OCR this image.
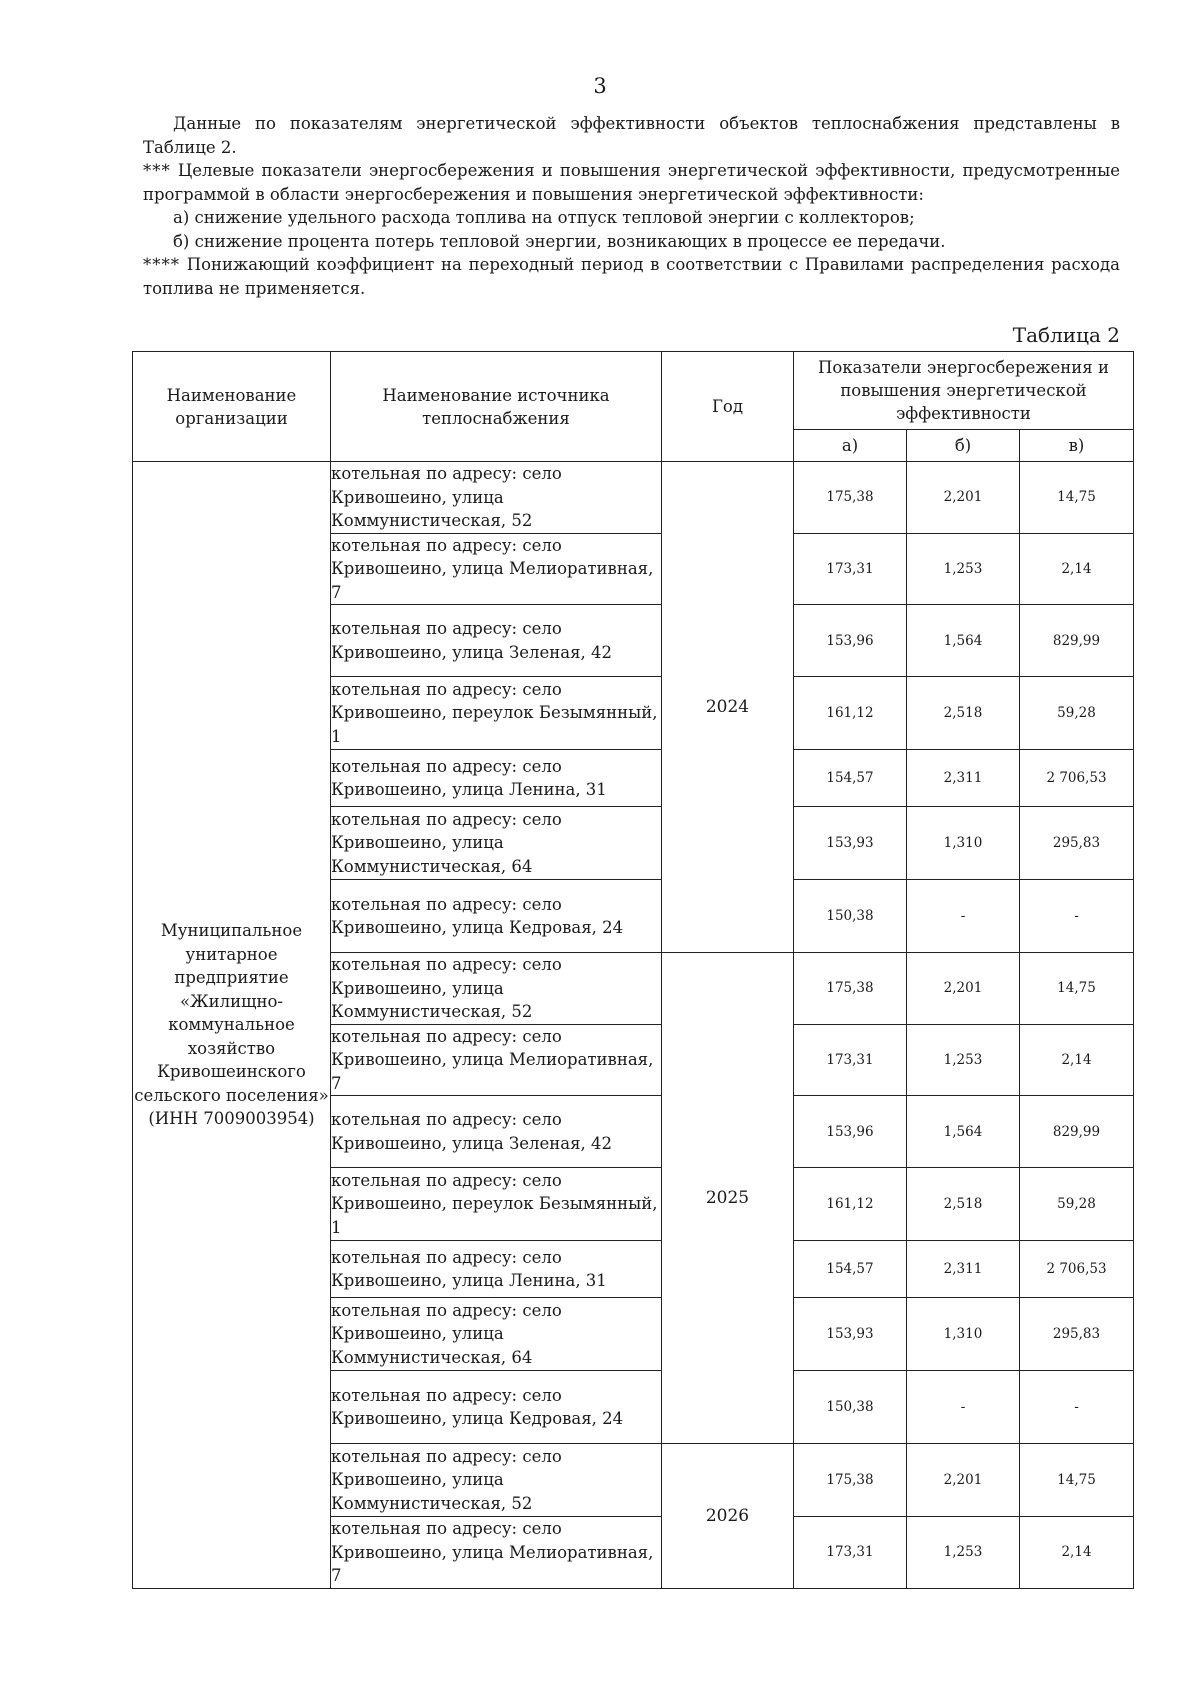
3

Данные по показателям энергетической эффективности объектов теплоснабжения представлены в Таблице 2.

*** Целевые показатели энергосбережения и повышения энергетической эффективности, предусмотренные программой в области энергосбережения и повышения энергетической эффективности:

а) снижение удельного расхода топлива на отпуск тепловой энергии с коллекторов;

б) снижение процента потерь тепловой энергии, возникающих в процессе ее передачи.

**** Понижающий коэффициент на переходный период в соответствии с Правилами распределения расхода топлива не применяется.

Таблица 2
Наименование организации	Наименование источника теплоснабжения	Год	Показатели энергосбережения и повышения энергетической эффективности		
			а)	б)	в)
Муниципальное унитарное предприятие «Жилищно-коммунальное хозяйство Кривошеинского сельского поселения» (ИНН 7009003954)	котельная по адресу: село Кривошеино, улица Коммунистическая, 52	2024	175,38	2,201	14,75
	котельная по адресу: село Кривошеино, улица Мелиоративная, 7		173,31	1,253	2,14
	котельная по адресу: село Кривошеино, улица Зеленая, 42		153,96	1,564	829,99
	котельная по адресу: село Кривошеино, переулок Безымянный, 1		161,12	2,518	59,28
	котельная по адресу: село Кривошеино, улица Ленина, 31		154,57	2,311	2 706,53
	котельная по адресу: село Кривошеино, улица Коммунистическая, 64		153,93	1,310	295,83
	котельная по адресу: село Кривошеино, улица Кедровая, 24		150,38	-	-
	котельная по адресу: село Кривошеино, улица Коммунистическая, 52	2025	175,38	2,201	14,75
	котельная по адресу: село Кривошеино, улица Мелиоративная, 7		173,31	1,253	2,14
	котельная по адресу: село Кривошеино, улица Зеленая, 42		153,96	1,564	829,99
	котельная по адресу: село Кривошеино, переулок Безымянный, 1		161,12	2,518	59,28
	котельная по адресу: село Кривошеино, улица Ленина, 31		154,57	2,311	2 706,53
	котельная по адресу: село Кривошеино, улица Коммунистическая, 64		153,93	1,310	295,83
	котельная по адресу: село Кривошеино, улица Кедровая, 24		150,38	-	-
	котельная по адресу: село Кривошеино, улица Коммунистическая, 52	2026	175,38	2,201	14,75
	котельная по адресу: село Кривошеино, улица Мелиоративная, 7		173,31	1,253	2,14
